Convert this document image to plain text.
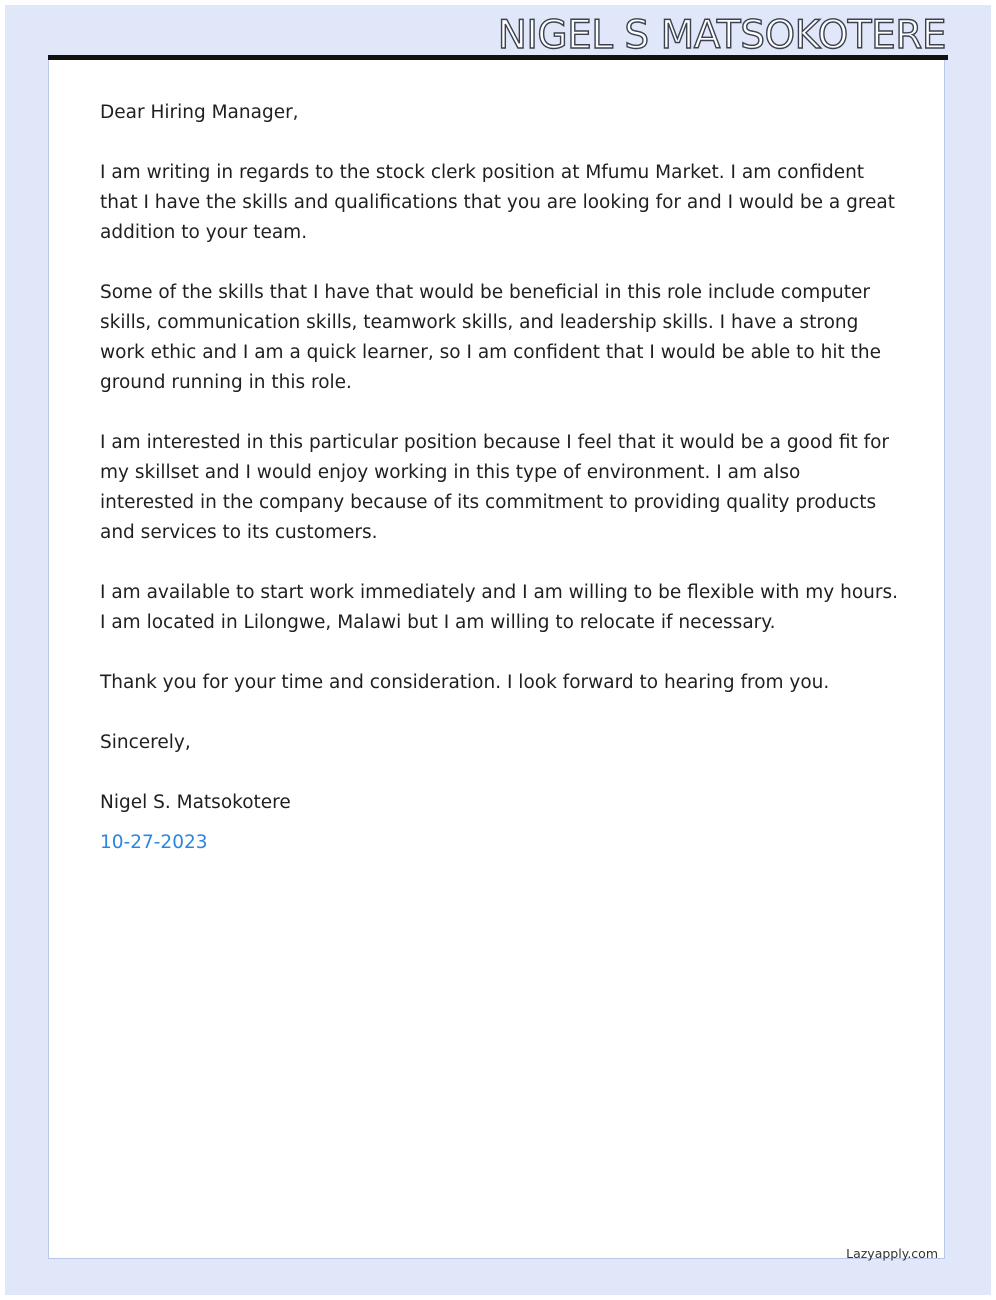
NIGEL S MATSOKOTERE

Dear Hiring Manager,

I am writing in regards to the stock clerk position at Mfumu Market. I am confident that I have the skills and qualifications that you are looking for and I would be a great addition to your team.

Some of the skills that I have that would be beneficial in this role include computer skills, communication skills, teamwork skills, and leadership skills. I have a strong work ethic and I am a quick learner, so I am confident that I would be able to hit the ground running in this role.

I am interested in this particular position because I feel that it would be a good fit for my skillset and I would enjoy working in this type of environment. I am also interested in the company because of its commitment to providing quality products and services to its customers.

I am available to start work immediately and I am willing to be flexible with my hours. I am located in Lilongwe, Malawi but I am willing to relocate if necessary.

Thank you for your time and consideration. I look forward to hearing from you.

Sincerely,

Nigel S. Matsokotere

10-27-2023

Lazyapply.com
